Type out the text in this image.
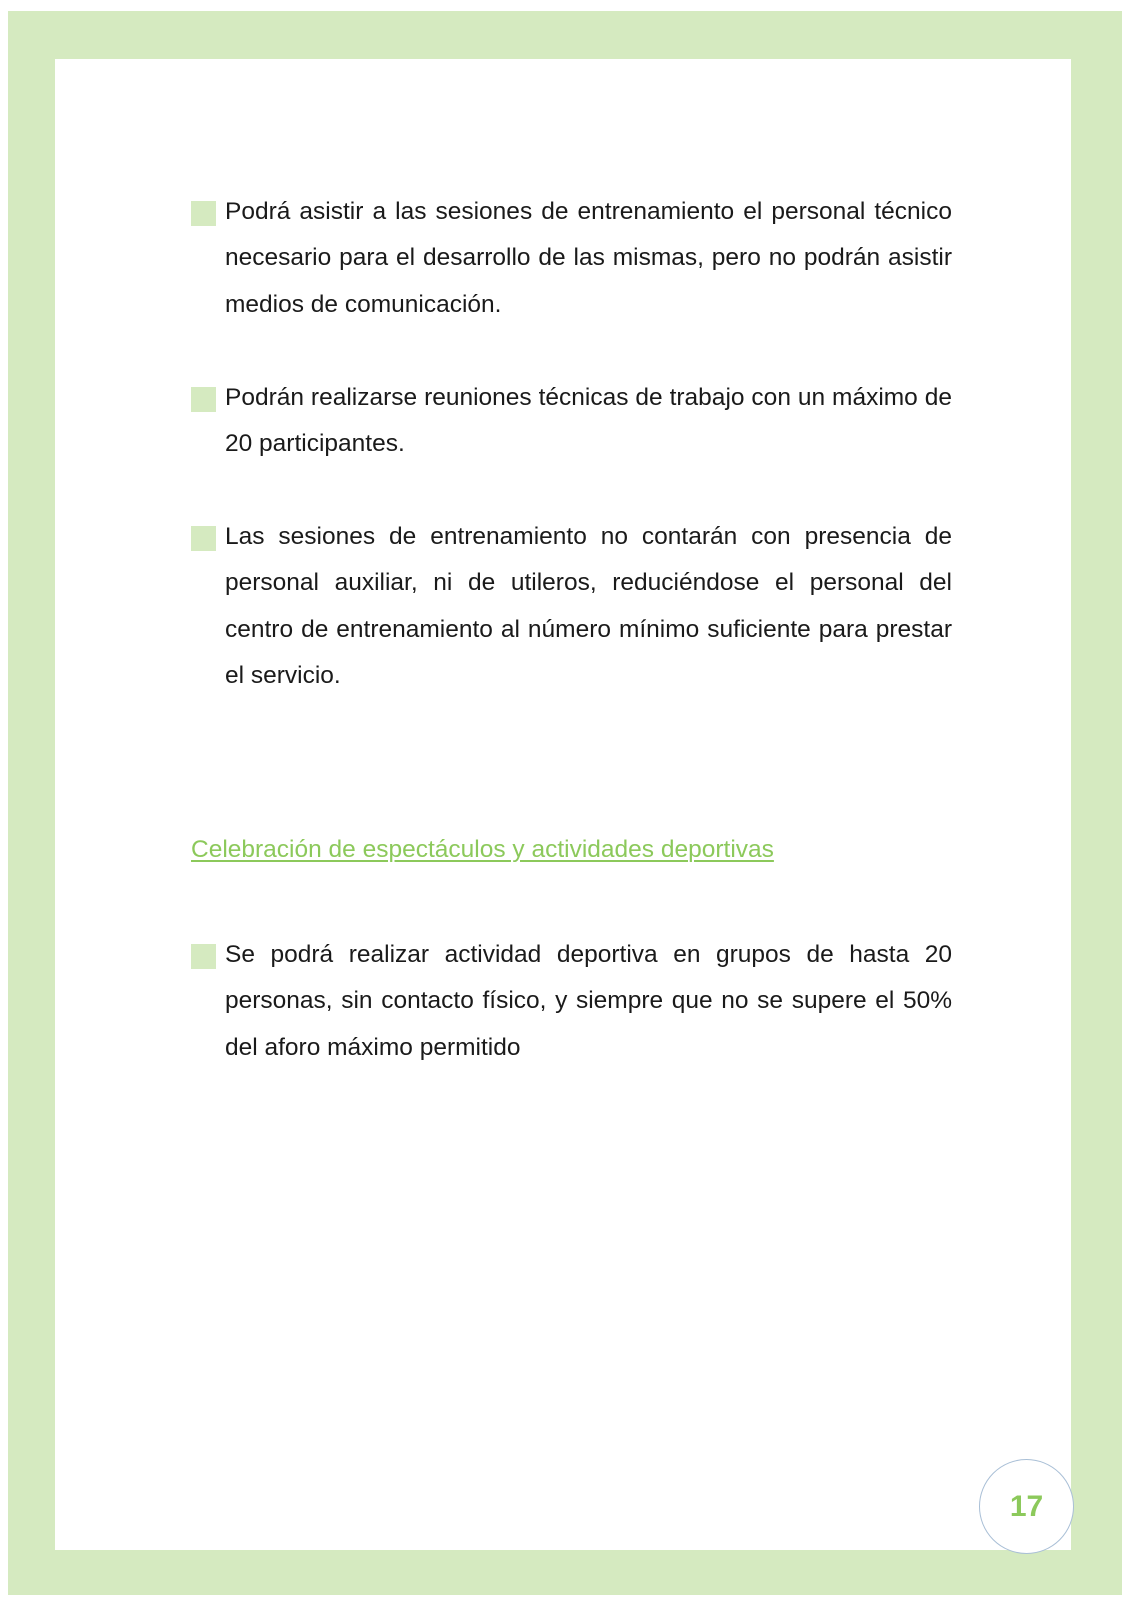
Podrá asistir a las sesiones de entrenamiento el personal técnico necesario para el desarrollo de las mismas, pero no podrán asistir medios de comunicación.
Podrán realizarse reuniones técnicas de trabajo con un máximo de 20 participantes.
Las sesiones de entrenamiento no contarán con presencia de personal auxiliar, ni de utileros, reduciéndose el personal del centro de entrenamiento al número mínimo suficiente para prestar el servicio.
Celebración de espectáculos y actividades deportivas
Se podrá realizar actividad deportiva en grupos de hasta 20 personas, sin contacto físico, y siempre que no se supere el 50% del aforo máximo permitido
17
